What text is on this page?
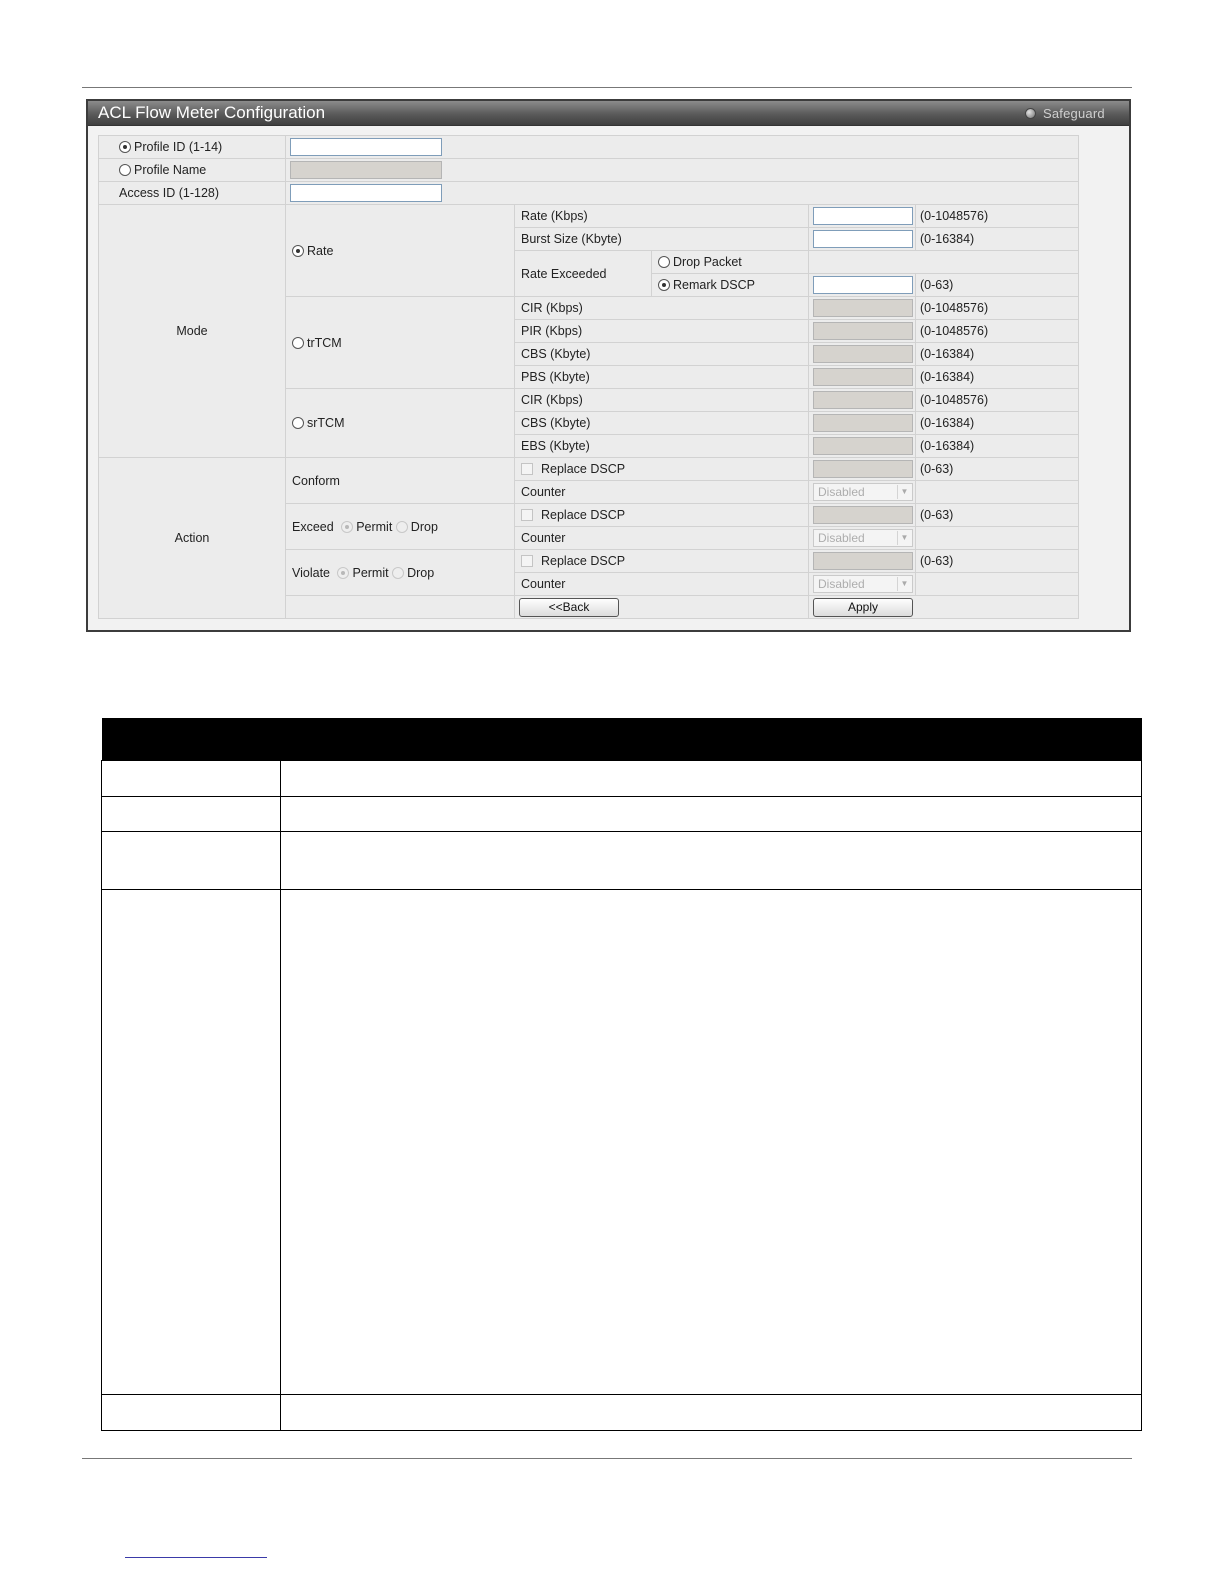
ACL Flow Meter Configuration	Safeguard
Profile ID (1-14)					
Profile Name					
Access ID (1-128)					
Mode	Rate	Rate (Kbps)			(0-1048576)
		Burst Size (Kbyte)			(0-16384)
		Rate Exceeded	Drop Packet		
			Remark DSCP		(0-63)
	trTCM	CIR (Kbps)			(0-1048576)
		PIR (Kbps)			(0-1048576)
		CBS (Kbyte)			(0-16384)
		PBS (Kbyte)			(0-16384)
	srTCM	CIR (Kbps)			(0-1048576)
		CBS (Kbyte)			(0-16384)
		EBS (Kbyte)			(0-16384)
Action	Conform	Replace DSCP			(0-63)
		Counter		Disabled ▼	

	Exceed Permit Drop	Replace DSCP			(0-63)
		Counter		Disabled ▼	

	Violate Permit Drop	Replace DSCP			(0-63)
		Counter		Disabled ▼	

		<<Back		Apply	
